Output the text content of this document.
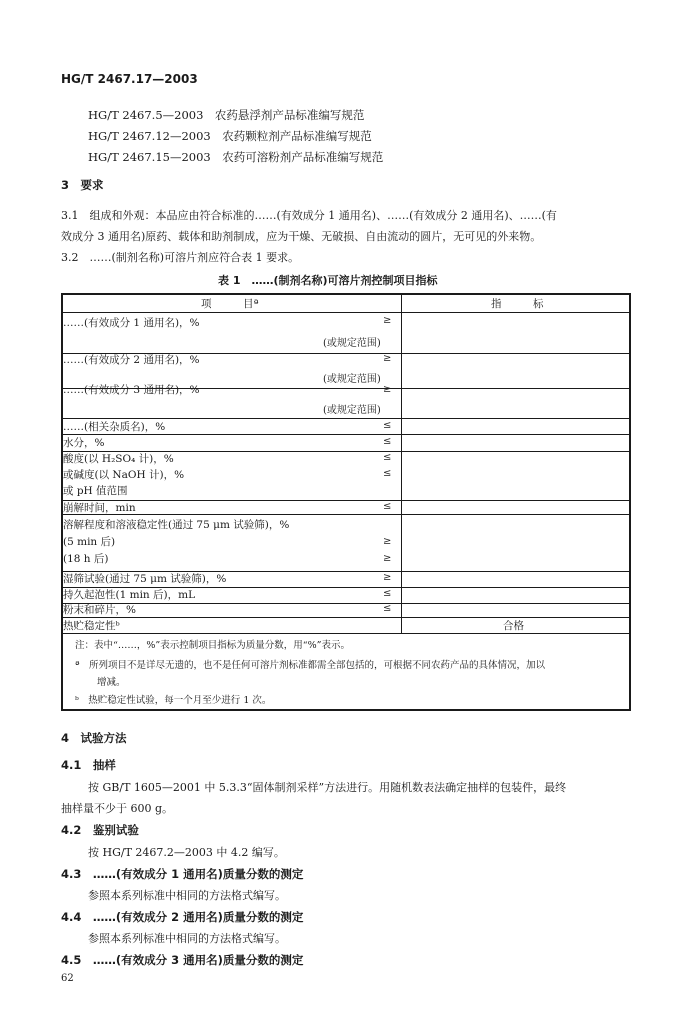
HG/T 2467.17—2003
HG/T 2467.5—2003　农药悬浮剂产品标准编写规范
HG/T 2467.12—2003　农药颗粒剂产品标准编写规范
HG/T 2467.15—2003　农药可溶粉剂产品标准编写规范
3　要求
3.1　组成和外观：本品应由符合标准的……(有效成分 1 通用名)、……(有效成分 2 通用名)、……(有
效成分 3 通用名)原药、载体和助剂制成，应为干燥、无破损、自由流动的圆片，无可见的外来物。
3.2　……(制剂名称)可溶片剂应符合表 1 要求。
表 1　……(制剂名称)可溶片剂控制项目指标
项　　　目ª	指　　　标
……(有效成分 1 通用名)，%	≥
(或规定范围)
……(有效成分 2 通用名)，%	≥
(或规定范围)
……(有效成分 3 通用名)，%	≥
(或规定范围)
……(相关杂质名)，%	≤
水分，%	≤
酸度(以 H₂SO₄ 计)，%	≤
或碱度(以 NaOH 计)，%	≤
或 pH 值范围
崩解时间，min	≤
溶解程度和溶液稳定性(通过 75 μm 试验筛)，%
(5 min 后)	≥
(18 h 后)	≥
湿筛试验(通过 75 μm 试验筛)，%	≥
持久起泡性(1 min 后)，mL	≤
粉末和碎片，%	≤
热贮稳定性ᵇ	合格
注：表中“……，%”表示控制项目指标为质量分数，用“%”表示。
ª　所列项目不是详尽无遗的，也不是任何可溶片剂标准都需全部包括的，可根据不同农药产品的具体情况，加以
增减。
ᵇ　热贮稳定性试验，每一个月至少进行 1 次。
4　试验方法
4.1　抽样
按 GB/T 1605—2001 中 5.3.3“固体制剂采样”方法进行。用随机数表法确定抽样的包装件，最终
抽样量不少于 600 g。
4.2　鉴别试验
按 HG/T 2467.2—2003 中 4.2 编写。
4.3　……(有效成分 1 通用名)质量分数的测定
参照本系列标准中相同的方法格式编写。
4.4　……(有效成分 2 通用名)质量分数的测定
参照本系列标准中相同的方法格式编写。
4.5　……(有效成分 3 通用名)质量分数的测定
62
